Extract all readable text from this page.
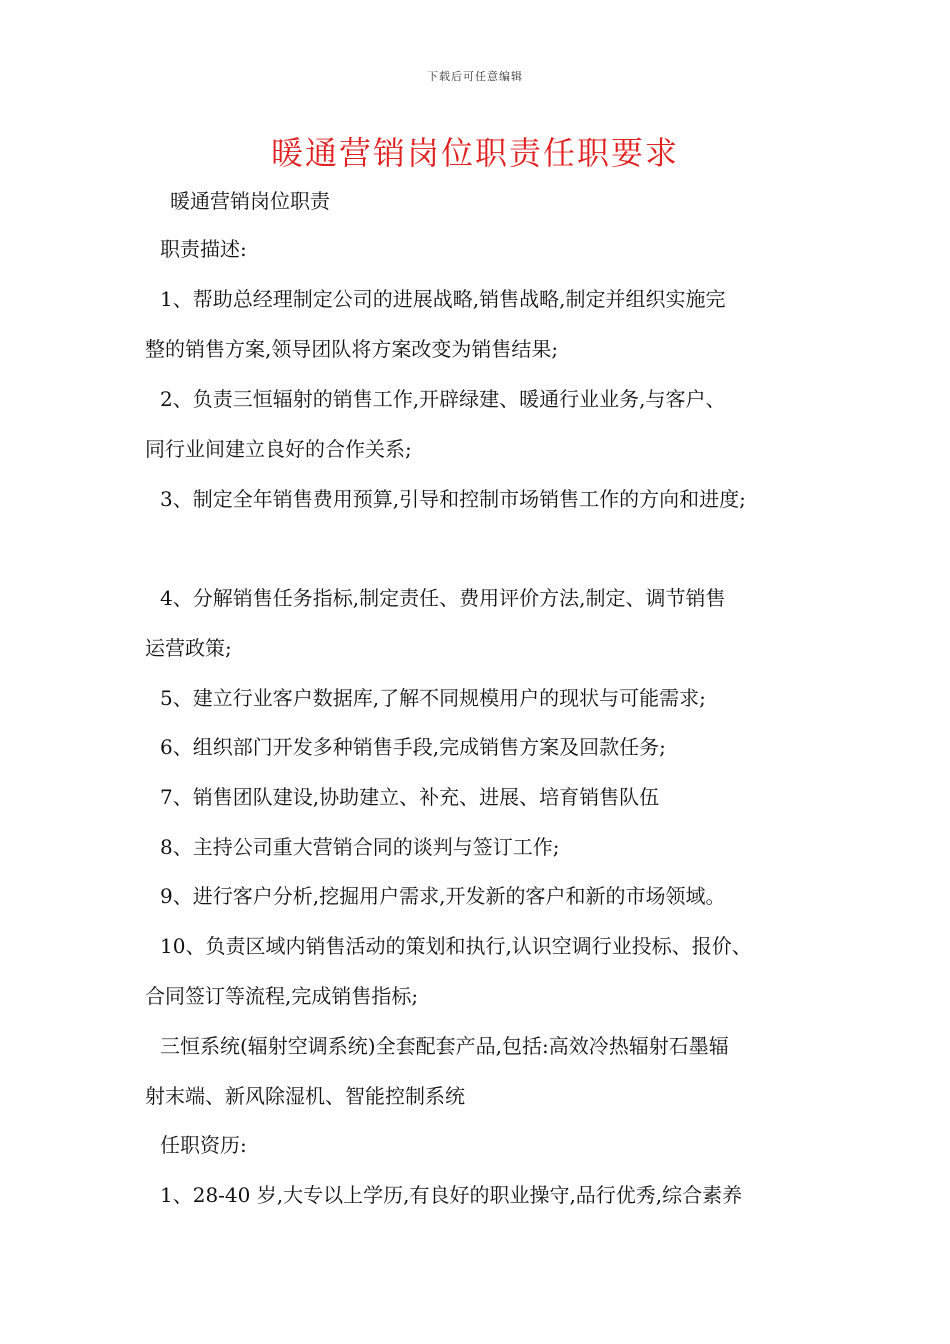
下载后可任意编辑
暖通营销岗位职责任职要求

暖通营销岗位职责

职责描述:

1、帮助总经理制定公司的进展战略,销售战略,制定并组织实施完

整的销售方案,领导团队将方案改变为销售结果;

2、负责三恒辐射的销售工作,开辟绿建、暖通行业业务,与客户、

同行业间建立良好的合作关系;

3、制定全年销售费用预算,引导和控制市场销售工作的方向和进度;

4、分解销售任务指标,制定责任、费用评价方法,制定、调节销售

运营政策;

5、建立行业客户数据库,了解不同规模用户的现状与可能需求;

6、组织部门开发多种销售手段,完成销售方案及回款任务;

7、销售团队建设,协助建立、补充、进展、培育销售队伍

8、主持公司重大营销合同的谈判与签订工作;

9、进行客户分析,挖掘用户需求,开发新的客户和新的市场领域。

10、负责区域内销售活动的策划和执行,认识空调行业投标、报价、

合同签订等流程,完成销售指标;

三恒系统(辐射空调系统)全套配套产品,包括:高效冷热辐射石墨辐

射末端、新风除湿机、智能控制系统

任职资历:

1、28-40 岁,大专以上学历,有良好的职业操守,品行优秀,综合素养
